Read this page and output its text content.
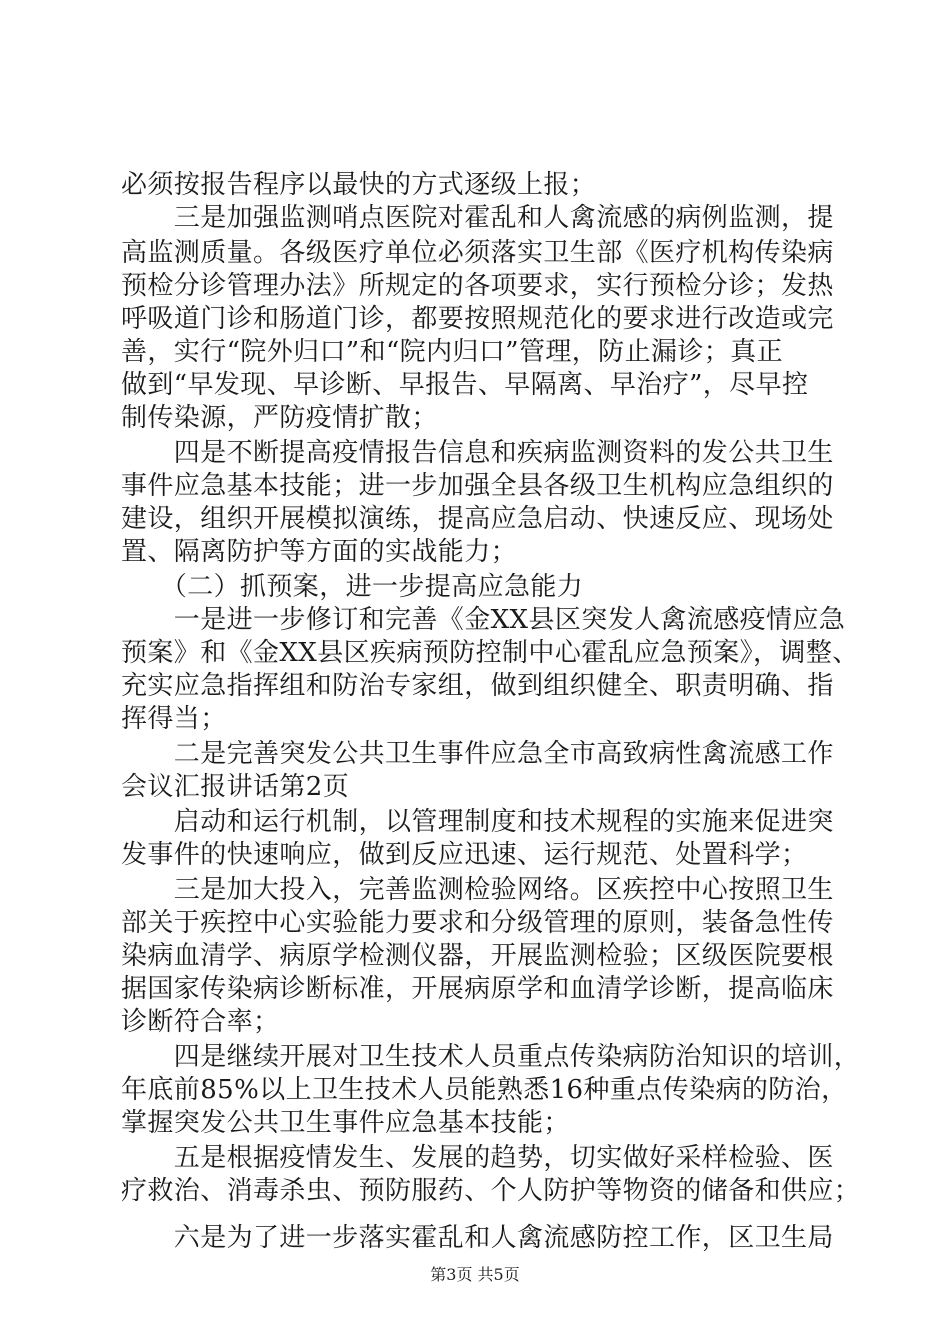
必须按报告程序以最快的方式逐级上报；
　　三是加强监测哨点医院对霍乱和人禽流感的病例监测，提
高监测质量。各级医疗单位必须落实卫生部《医疗机构传染病
预检分诊管理办法》所规定的各项要求，实行预检分诊；发热
呼吸道门诊和肠道门诊，都要按照规范化的要求进行改造或完
善，实行“院外归口”和“院内归口”管理，防止漏诊；真正
做到“早发现、早诊断、早报告、早隔离、早治疗”，尽早控
制传染源，严防疫情扩散；
　　四是不断提高疫情报告信息和疾病监测资料的发公共卫生
事件应急基本技能；进一步加强全县各级卫生机构应急组织的
建设，组织开展模拟演练，提高应急启动、快速反应、现场处
置、隔离防护等方面的实战能力；
　　（二）抓预案，进一步提高应急能力
　　一是进一步修订和完善《金XX县区突发人禽流感疫情应急
预案》和《金XX县区疾病预防控制中心霍乱应急预案》，调整、
充实应急指挥组和防治专家组，做到组织健全、职责明确、指
挥得当；
　　二是完善突发公共卫生事件应急全市高致病性禽流感工作
会议汇报讲话第2页
　　启动和运行机制，以管理制度和技术规程的实施来促进突
发事件的快速响应，做到反应迅速、运行规范、处置科学；
　　三是加大投入，完善监测检验网络。区疾控中心按照卫生
部关于疾控中心实验能力要求和分级管理的原则，装备急性传
染病血清学、病原学检测仪器，开展监测检验；区级医院要根
据国家传染病诊断标准，开展病原学和血清学诊断，提高临床
诊断符合率；
　　四是继续开展对卫生技术人员重点传染病防治知识的培训，
年底前85%以上卫生技术人员能熟悉16种重点传染病的防治，
掌握突发公共卫生事件应急基本技能；
　　五是根据疫情发生、发展的趋势，切实做好采样检验、医
疗救治、消毒杀虫、预防服药、个人防护等物资的储备和供应；
　　六是为了进一步落实霍乱和人禽流感防控工作，区卫生局
第3页 共5页
